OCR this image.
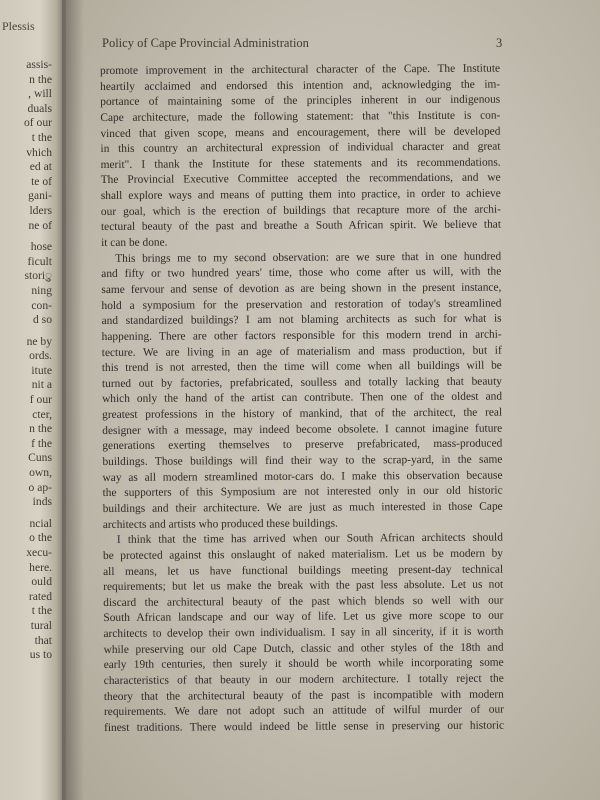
Plessis
assis-
n the
, will
duals
of our
t the
vhich
ed at
te of
gani-
lders
ne of
hose
ficult
storiु
ning
con-
d so
ne by
ords.
itute
nit a
f our
cter,
n the
f the
Cuns
own,
o ap-
inds
ncial
o the
xecu-
here.
ould
rated
t the
tural
that
us to
Policy of Cape Provincial Administration	3
promote improvement in the architectural character of the Cape. The Institute
heartily acclaimed and endorsed this intention and, acknowledging the im-
portance of maintaining some of the principles inherent in our indigenous
Cape architecture, made the following statement: that "this Institute is con-
vinced that given scope, means and encouragement, there will be developed
in this country an architectural expression of individual character and great
merit". I thank the Institute for these statements and its recommendations.
The Provincial Executive Committee accepted the recommendations, and we
shall explore ways and means of putting them into practice, in order to achieve
our goal, which is the erection of buildings that recapture more of the archi-
tectural beauty of the past and breathe a South African spirit. We believe that
it can be done.
This brings me to my second observation: are we sure that in one hundred
and fifty or two hundred years' time, those who come after us will, with the
same fervour and sense of devotion as are being shown in the present instance,
hold a symposium for the preservation and restoration of today's streamlined
and standardized buildings? I am not blaming architects as such for what is
happening. There are other factors responsible for this modern trend in archi-
tecture. We are living in an age of materialism and mass production, but if
this trend is not arrested, then the time will come when all buildings will be
turned out by factories, prefabricated, soulless and totally lacking that beauty
which only the hand of the artist can contribute. Then one of the oldest and
greatest professions in the history of mankind, that of the architect, the real
designer with a message, may indeed become obsolete. I cannot imagine future
generations exerting themselves to preserve prefabricated, mass-produced
buildings. Those buildings will find their way to the scrap-yard, in the same
way as all modern streamlined motor-cars do. I make this observation because
the supporters of this Symposium are not interested only in our old historic
buildings and their architecture. We are just as much interested in those Cape
architects and artists who produced these buildings.
I think that the time has arrived when our South African architects should
be protected against this onslaught of naked materialism. Let us be modern by
all means, let us have functional buildings meeting present-day technical
requirements; but let us make the break with the past less absolute. Let us not
discard the architectural beauty of the past which blends so well with our
South African landscape and our way of life. Let us give more scope to our
architects to develop their own individualism. I say in all sincerity, if it is worth
while preserving our old Cape Dutch, classic and other styles of the 18th and
early 19th centuries, then surely it should be worth while incorporating some
characteristics of that beauty in our modern architecture. I totally reject the
theory that the architectural beauty of the past is incompatible with modern
requirements. We dare not adopt such an attitude of wilful murder of our
finest traditions. There would indeed be little sense in preserving our historic
